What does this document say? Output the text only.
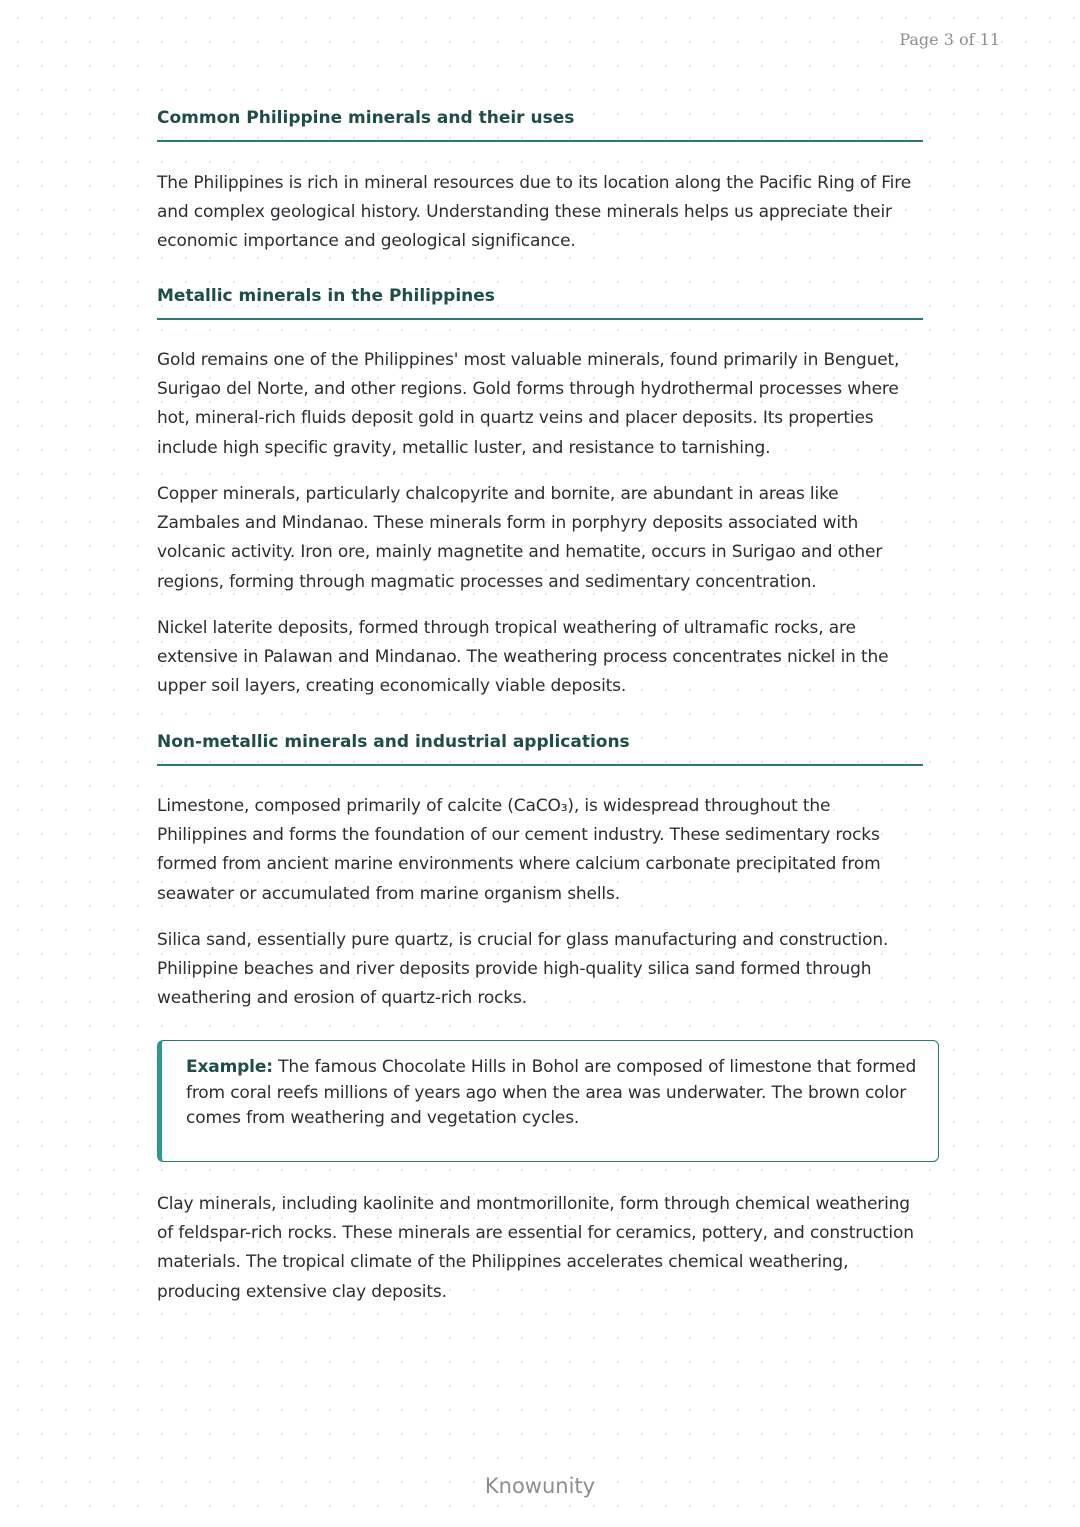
Page 3 of 11
Common Philippine minerals and their uses

The Philippines is rich in mineral resources due to its location along the Pacific Ring of Fire and complex geological history. Understanding these minerals helps us appreciate their economic importance and geological significance.

Metallic minerals in the Philippines

Gold remains one of the Philippines' most valuable minerals, found primarily in Benguet, Surigao del Norte, and other regions. Gold forms through hydrothermal processes where hot, mineral-rich fluids deposit gold in quartz veins and placer deposits. Its properties include high specific gravity, metallic luster, and resistance to tarnishing.

Copper minerals, particularly chalcopyrite and bornite, are abundant in areas like Zambales and Mindanao. These minerals form in porphyry deposits associated with volcanic activity. Iron ore, mainly magnetite and hematite, occurs in Surigao and other regions, forming through magmatic processes and sedimentary concentration.

Nickel laterite deposits, formed through tropical weathering of ultramafic rocks, are extensive in Palawan and Mindanao. The weathering process concentrates nickel in the upper soil layers, creating economically viable deposits.

Non-metallic minerals and industrial applications

Limestone, composed primarily of calcite (CaCO₃), is widespread throughout the Philippines and forms the foundation of our cement industry. These sedimentary rocks formed from ancient marine environments where calcium carbonate precipitated from seawater or accumulated from marine organism shells.

Silica sand, essentially pure quartz, is crucial for glass manufacturing and construction. Philippine beaches and river deposits provide high-quality silica sand formed through weathering and erosion of quartz-rich rocks.

Example: The famous Chocolate Hills in Bohol are composed of limestone that formed from coral reefs millions of years ago when the area was underwater. The brown color comes from weathering and vegetation cycles.

Clay minerals, including kaolinite and montmorillonite, form through chemical weathering of feldspar-rich rocks. These minerals are essential for ceramics, pottery, and construction materials. The tropical climate of the Philippines accelerates chemical weathering, producing extensive clay deposits.

Knowunity
